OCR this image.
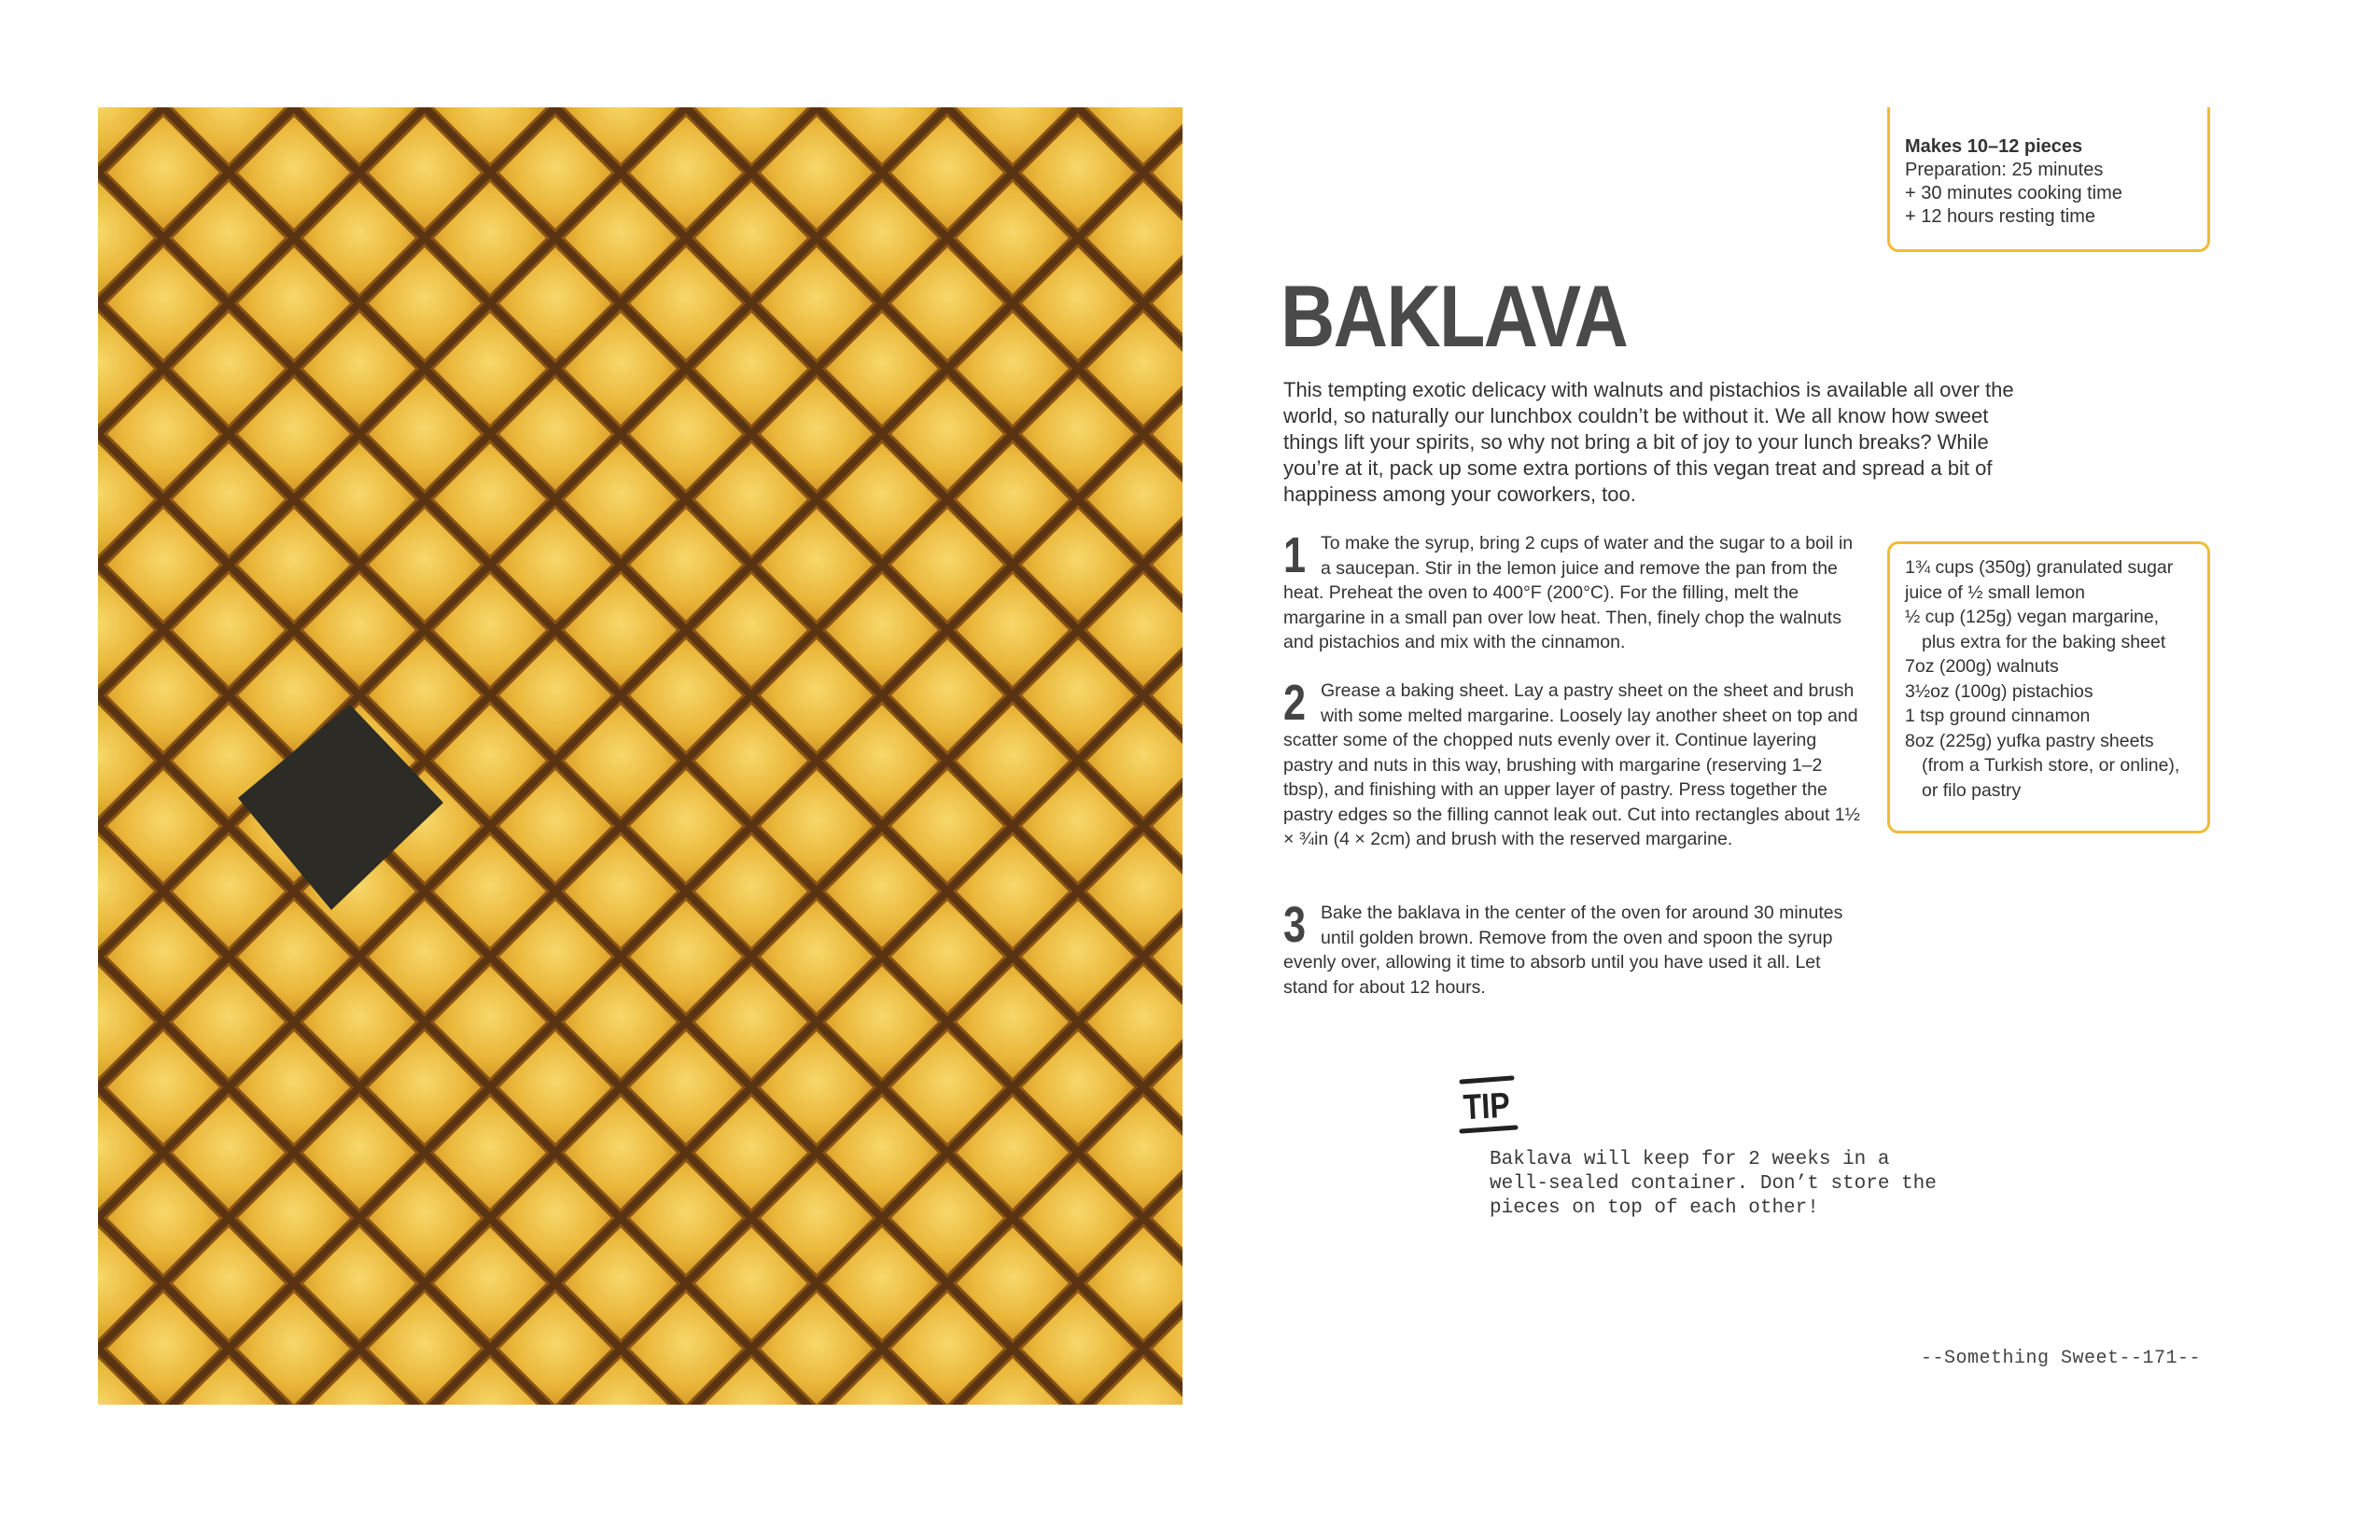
Makes 10–12 pieces
Preparation: 25 minutes
+ 30 minutes cooking time
+ 12 hours resting time
BAKLAVA
This tempting exotic delicacy with walnuts and pistachios is available all over the world, so naturally our lunchbox couldn’t be without it. We all know how sweet things lift your spirits, so why not bring a bit of joy to your lunch breaks? While you’re at it, pack up some extra portions of this vegan treat and spread a bit of happiness among your coworkers, too.
1 To make the syrup, bring 2 cups of water and the sugar to a boil in a saucepan. Stir in the lemon juice and remove the pan from the heat. Preheat the oven to 400°F (200°C). For the filling, melt the margarine in a small pan over low heat. Then, finely chop the walnuts and pistachios and mix with the cinnamon.
2 Grease a baking sheet. Lay a pastry sheet on the sheet and brush with some melted margarine. Loosely lay another sheet on top and scatter some of the chopped nuts evenly over it. Continue layering pastry and nuts in this way, brushing with margarine (reserving 1–2 tbsp), and finishing with an upper layer of pastry. Press together the pastry edges so the filling cannot leak out. Cut into rectangles about 1½ × ¾in (4 × 2cm) and brush with the reserved margarine.
3 Bake the baklava in the center of the oven for around 30 minutes until golden brown. Remove from the oven and spoon the syrup evenly over, allowing it time to absorb until you have used it all. Let stand for about 12 hours.
1¾ cups (350g) granulated sugar
juice of ½ small lemon
½ cup (125g) vegan margarine, plus extra for the baking sheet
7oz (200g) walnuts
3½oz (100g) pistachios
1 tsp ground cinnamon
8oz (225g) yufka pastry sheets (from a Turkish store, or online), or filo pastry
TIP
Baklava will keep for 2 weeks in a well-sealed container. Don’t store the pieces on top of each other!
--Something Sweet--171--
